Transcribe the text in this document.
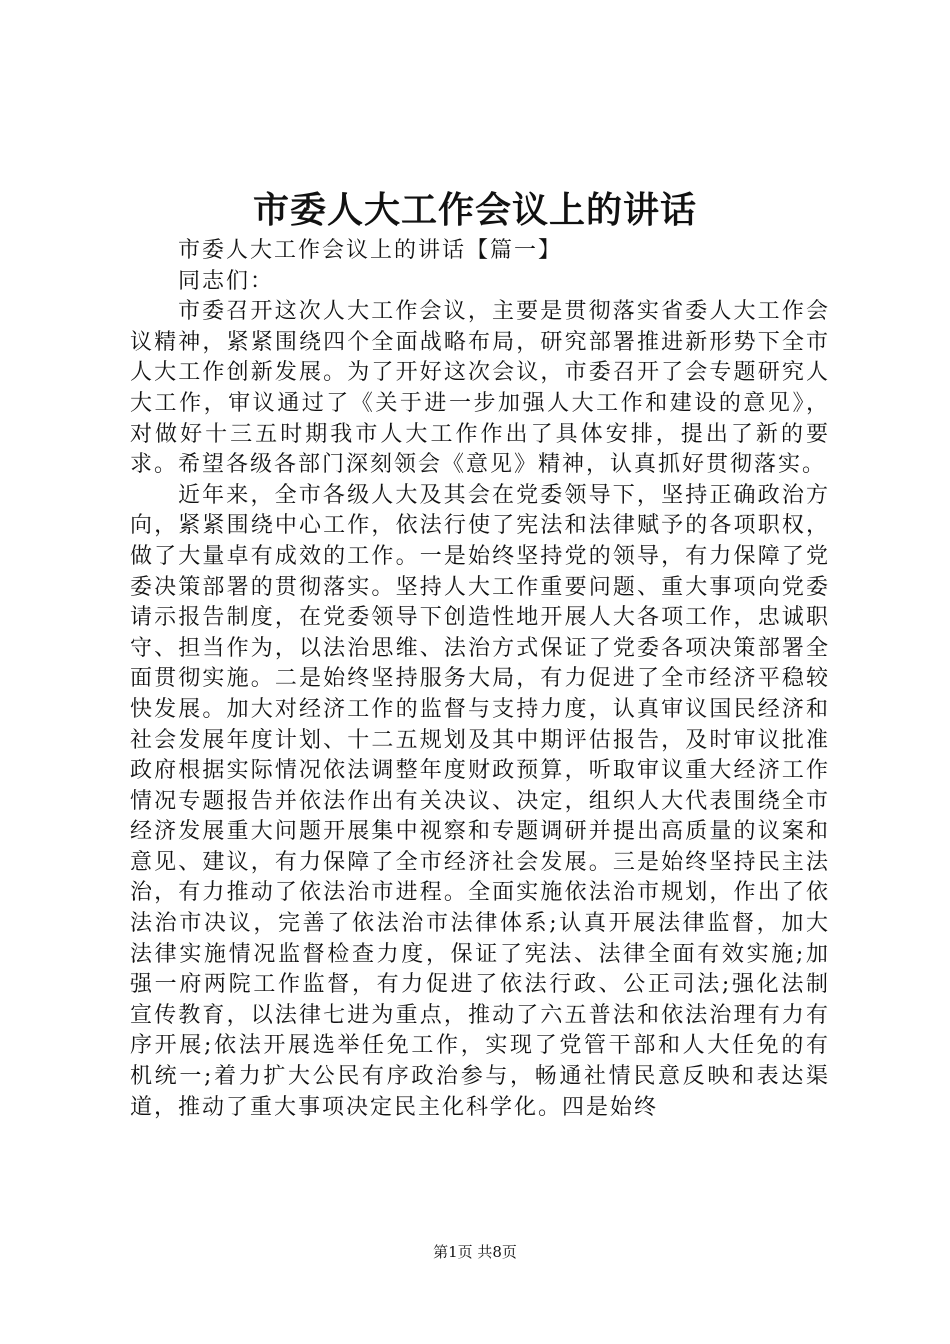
市委人大工作会议上的讲话

市委人大工作会议上的讲话【篇一】

同志们：

市委召开这次人大工作会议，主要是贯彻落实省委人大工作会议精神，紧紧围绕四个全面战略布局，研究部署推进新形势下全市人大工作创新发展。为了开好这次会议，市委召开了会专题研究人大工作，审议通过了《关于进一步加强人大工作和建设的意见》，对做好十三五时期我市人大工作作出了具体安排，提出了新的要求。希望各级各部门深刻领会《意见》精神，认真抓好贯彻落实。

近年来，全市各级人大及其会在党委领导下，坚持正确政治方向，紧紧围绕中心工作，依法行使了宪法和法律赋予的各项职权，做了大量卓有成效的工作。一是始终坚持党的领导，有力保障了党委决策部署的贯彻落实。坚持人大工作重要问题、重大事项向党委请示报告制度，在党委领导下创造性地开展人大各项工作，忠诚职守、担当作为，以法治思维、法治方式保证了党委各项决策部署全面贯彻实施。二是始终坚持服务大局，有力促进了全市经济平稳较快发展。加大对经济工作的监督与支持力度，认真审议国民经济和社会发展年度计划、十二五规划及其中期评估报告，及时审议批准政府根据实际情况依法调整年度财政预算，听取审议重大经济工作情况专题报告并依法作出有关决议、决定，组织人大代表围绕全市经济发展重大问题开展集中视察和专题调研并提出高质量的议案和意见、建议，有力保障了全市经济社会发展。三是始终坚持民主法治，有力推动了依法治市进程。全面实施依法治市规划，作出了依法治市决议，完善了依法治市法律体系;认真开展法律监督，加大法律实施情况监督检查力度，保证了宪法、法律全面有效实施;加强一府两院工作监督，有力促进了依法行政、公正司法;强化法制宣传教育，以法律七进为重点，推动了六五普法和依法治理有力有序开展;依法开展选举任免工作，实现了党管干部和人大任免的有机统一;着力扩大公民有序政治参与，畅通社情民意反映和表达渠道，推动了重大事项决定民主化科学化。四是始终

第1页 共8页
